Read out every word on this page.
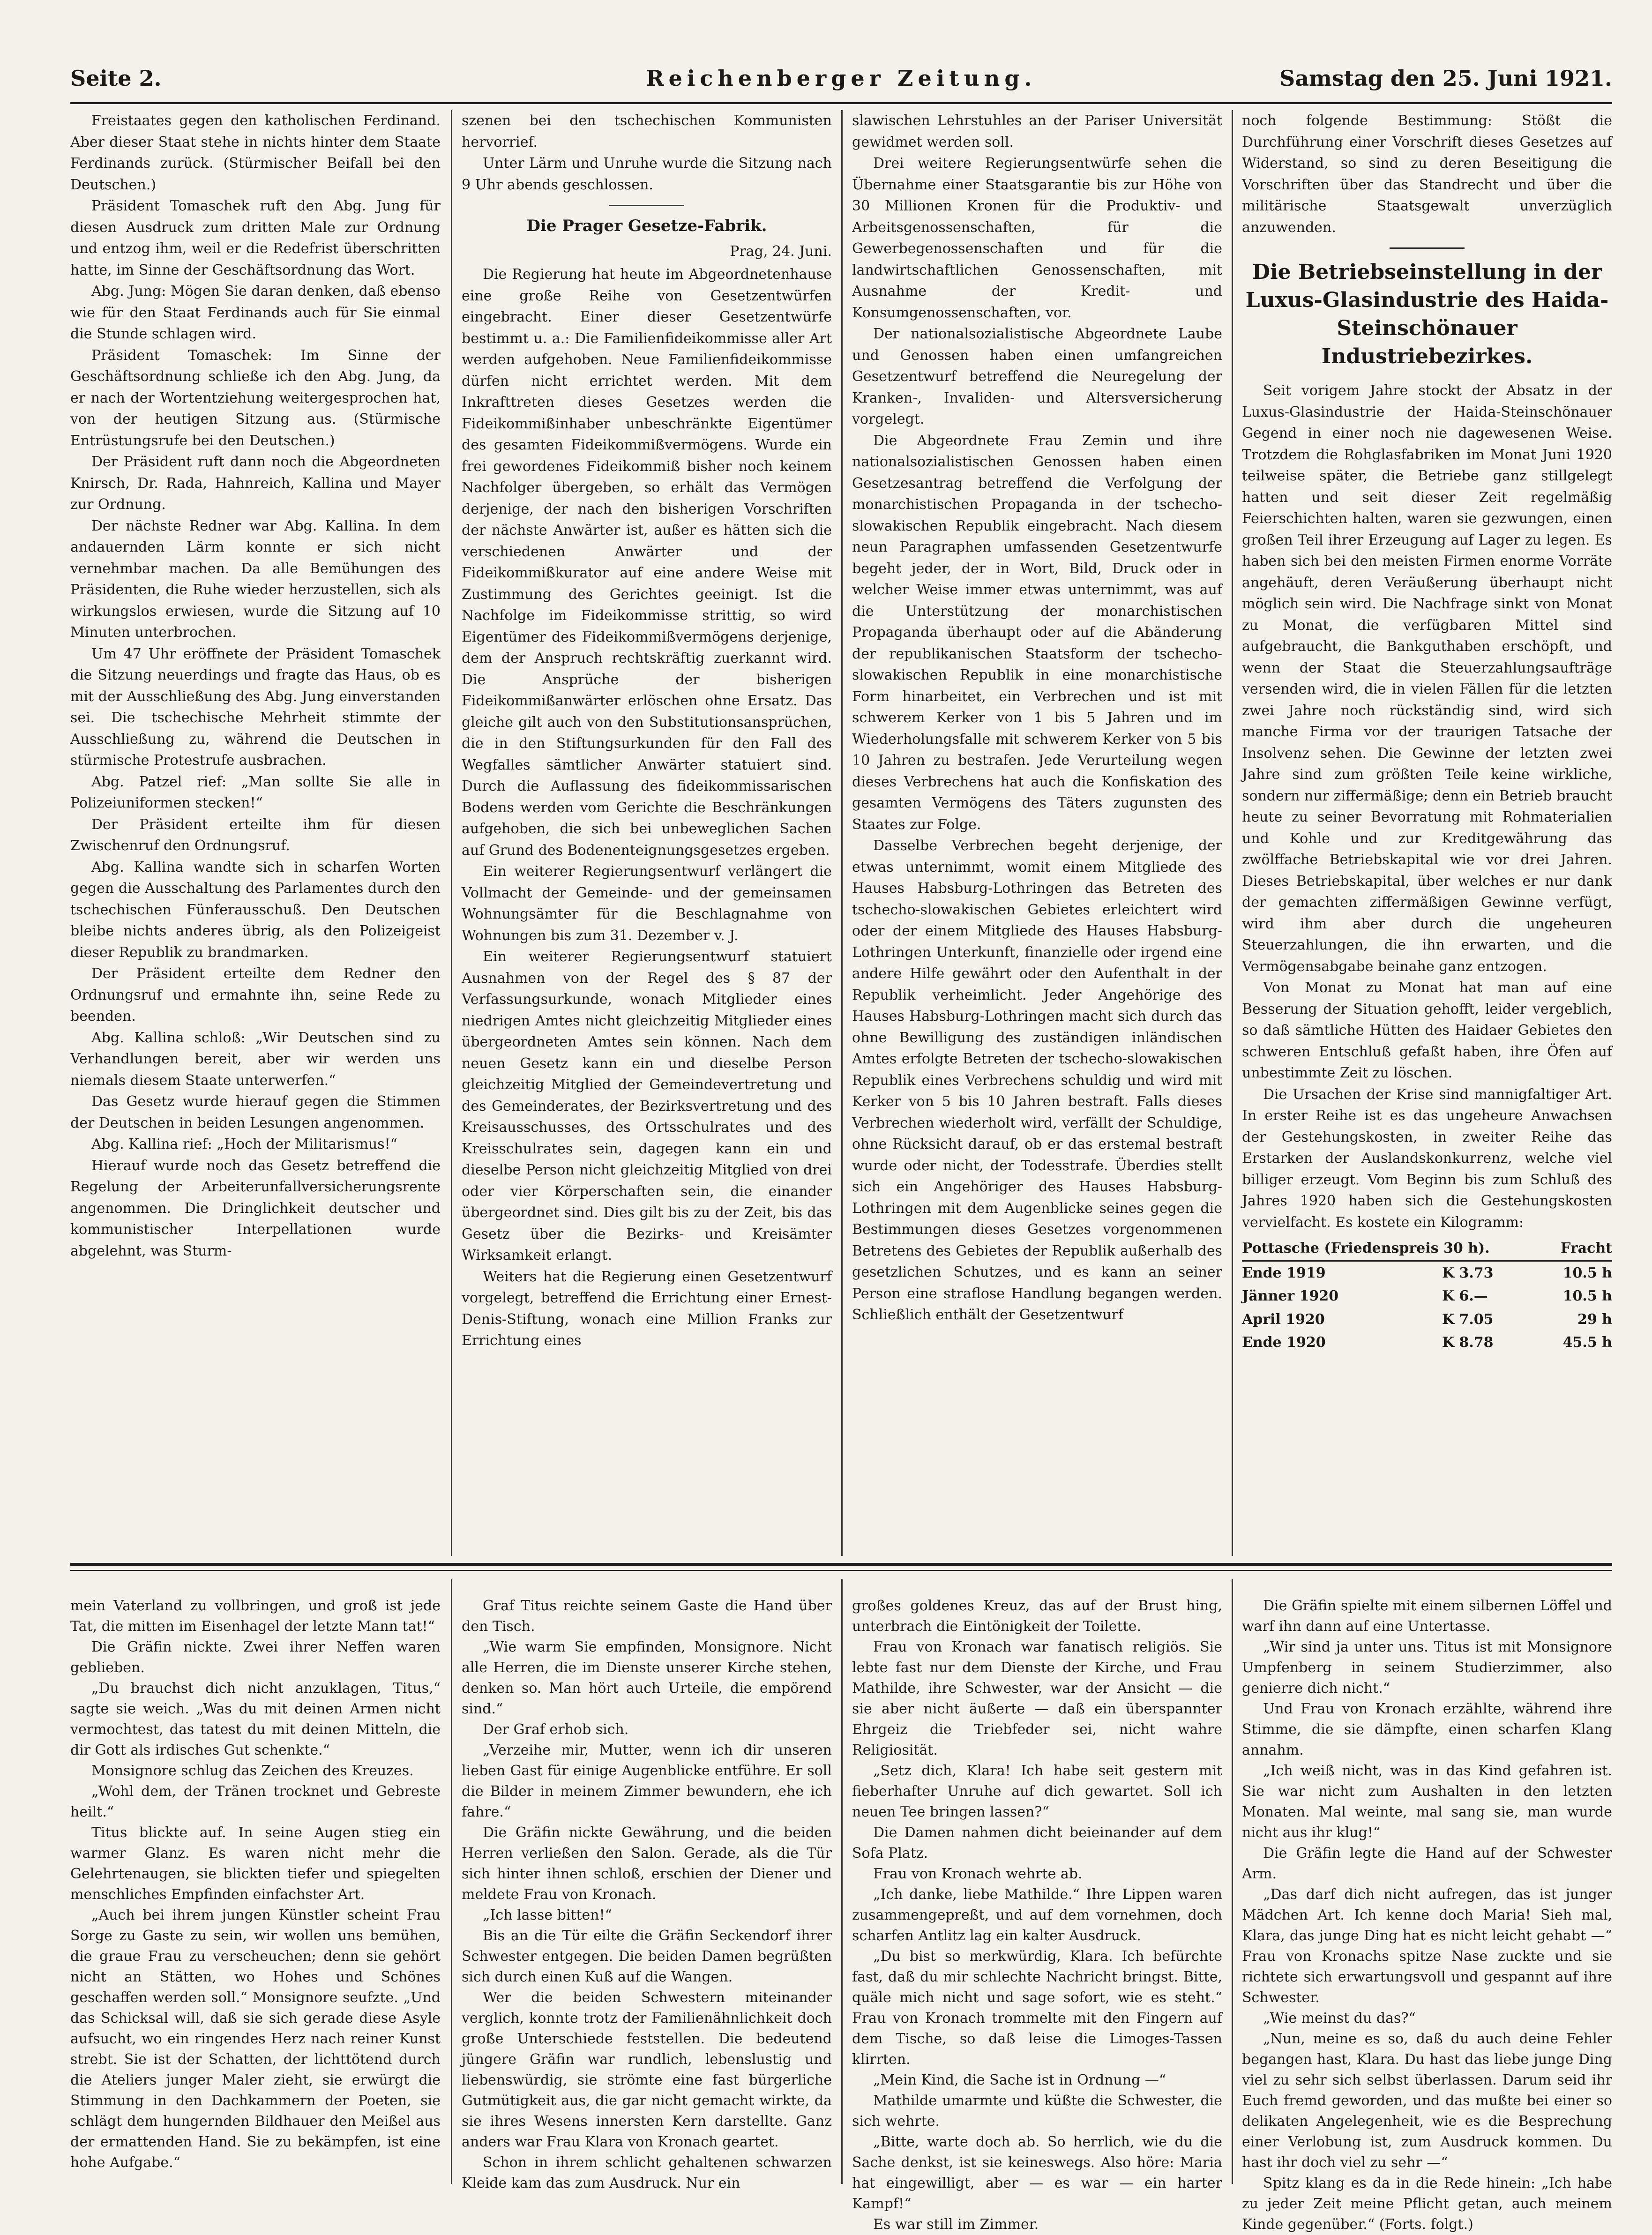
Seite 2.	Reichenberger Zeitung.	Samstag den 25. Juni 1921.

Freistaates gegen den katholischen Ferdinand. Aber dieser Staat stehe in nichts hinter dem Staate Ferdinands zurück. (Stürmischer Beifall bei den Deutschen.)

Präsident Tomaschek ruft den Abg. Jung für diesen Ausdruck zum dritten Male zur Ordnung und entzog ihm, weil er die Redefrist überschritten hatte, im Sinne der Geschäftsordnung das Wort.

Abg. Jung: Mögen Sie daran denken, daß ebenso wie für den Staat Ferdinands auch für Sie einmal die Stunde schlagen wird.

Präsident Tomaschek: Im Sinne der Geschäftsordnung schließe ich den Abg. Jung, da er nach der Wortentziehung weitergesprochen hat, von der heutigen Sitzung aus. (Stürmische Entrüstungsrufe bei den Deutschen.)

Der Präsident ruft dann noch die Abgeordneten Knirsch, Dr. Rada, Hahnreich, Kallina und Mayer zur Ordnung.

Der nächste Redner war Abg. Kallina. In dem andauernden Lärm konnte er sich nicht vernehmbar machen. Da alle Bemühungen des Präsidenten, die Ruhe wieder herzustellen, sich als wirkungslos erwiesen, wurde die Sitzung auf 10 Minuten unterbrochen.

Um 47 Uhr eröffnete der Präsident Tomaschek die Sitzung neuerdings und fragte das Haus, ob es mit der Ausschließung des Abg. Jung einverstanden sei. Die tschechische Mehrheit stimmte der Ausschließung zu, während die Deutschen in stürmische Protestrufe ausbrachen.

Abg. Patzel rief: „Man sollte Sie alle in Polizeiuniformen stecken!“

Der Präsident erteilte ihm für diesen Zwischenruf den Ordnungsruf.

Abg. Kallina wandte sich in scharfen Worten gegen die Ausschaltung des Parlamentes durch den tschechischen Fünferausschuß. Den Deutschen bleibe nichts anderes übrig, als den Polizeigeist dieser Republik zu brandmarken.

Der Präsident erteilte dem Redner den Ordnungsruf und ermahnte ihn, seine Rede zu beenden.

Abg. Kallina schloß: „Wir Deutschen sind zu Verhandlungen bereit, aber wir werden uns niemals diesem Staate unterwerfen.“

Das Gesetz wurde hierauf gegen die Stimmen der Deutschen in beiden Lesungen angenommen.

Abg. Kallina rief: „Hoch der Militarismus!“

Hierauf wurde noch das Gesetz betreffend die Regelung der Arbeiterunfallversicherungsrente angenommen. Die Dringlichkeit deutscher und kommunistischer Interpellationen wurde abgelehnt, was Sturm-

szenen bei den tschechischen Kommunisten hervorrief.

Unter Lärm und Unruhe wurde die Sitzung nach 9 Uhr abends geschlossen.

Die Prager Gesetze-Fabrik.
Prag, 24. Juni.

Die Regierung hat heute im Abgeordnetenhause eine große Reihe von Gesetzentwürfen eingebracht. Einer dieser Gesetzentwürfe bestimmt u. a.: Die Familienfideikommisse aller Art werden aufgehoben. Neue Familienfideikommisse dürfen nicht errichtet werden. Mit dem Inkrafttreten dieses Gesetzes werden die Fideikommißinhaber unbeschränkte Eigentümer des gesamten Fideikommißvermögens. Wurde ein frei gewordenes Fideikommiß bisher noch keinem Nachfolger übergeben, so erhält das Vermögen derjenige, der nach den bisherigen Vorschriften der nächste Anwärter ist, außer es hätten sich die verschiedenen Anwärter und der Fideikommißkurator auf eine andere Weise mit Zustimmung des Gerichtes geeinigt. Ist die Nachfolge im Fideikommisse strittig, so wird Eigentümer des Fideikommißvermögens derjenige, dem der Anspruch rechtskräftig zuerkannt wird. Die Ansprüche der bisherigen Fideikommißanwärter erlöschen ohne Ersatz. Das gleiche gilt auch von den Substitutionsansprüchen, die in den Stiftungsurkunden für den Fall des Wegfalles sämtlicher Anwärter statuiert sind. Durch die Auflassung des fideikommissarischen Bodens werden vom Gerichte die Beschränkungen aufgehoben, die sich bei unbeweglichen Sachen auf Grund des Bodenenteignungsgesetzes ergeben.

Ein weiterer Regierungsentwurf verlängert die Vollmacht der Gemeinde- und der gemeinsamen Wohnungsämter für die Beschlagnahme von Wohnungen bis zum 31. Dezember v. J.

Ein weiterer Regierungsentwurf statuiert Ausnahmen von der Regel des § 87 der Verfassungsurkunde, wonach Mitglieder eines niedrigen Amtes nicht gleichzeitig Mitglieder eines übergeordneten Amtes sein können. Nach dem neuen Gesetz kann ein und dieselbe Person gleichzeitig Mitglied der Gemeindevertretung und des Gemeinderates, der Bezirksvertretung und des Kreisausschusses, des Ortsschulrates und des Kreisschulrates sein, dagegen kann ein und dieselbe Person nicht gleichzeitig Mitglied von drei oder vier Körperschaften sein, die einander übergeordnet sind. Dies gilt bis zu der Zeit, bis das Gesetz über die Bezirks- und Kreisämter Wirksamkeit erlangt.

Weiters hat die Regierung einen Gesetzentwurf vorgelegt, betreffend die Errichtung einer Ernest-Denis-Stiftung, wonach eine Million Franks zur Errichtung eines

slawischen Lehrstuhles an der Pariser Universität gewidmet werden soll.

Drei weitere Regierungsentwürfe sehen die Übernahme einer Staatsgarantie bis zur Höhe von 30 Millionen Kronen für die Produktiv- und Arbeitsgenossenschaften, für die Gewerbegenossenschaften und für die landwirtschaftlichen Genossenschaften, mit Ausnahme der Kredit- und Konsumgenossenschaften, vor.

Der nationalsozialistische Abgeordnete Laube und Genossen haben einen umfangreichen Gesetzentwurf betreffend die Neuregelung der Kranken-, Invaliden- und Altersversicherung vorgelegt.

Die Abgeordnete Frau Zemin und ihre nationalsozialistischen Genossen haben einen Gesetzesantrag betreffend die Verfolgung der monarchistischen Propaganda in der tschecho-slowakischen Republik eingebracht. Nach diesem neun Paragraphen umfassenden Gesetzentwurfe begeht jeder, der in Wort, Bild, Druck oder in welcher Weise immer etwas unternimmt, was auf die Unterstützung der monarchistischen Propaganda überhaupt oder auf die Abänderung der republikanischen Staatsform der tschecho-slowakischen Republik in eine monarchistische Form hinarbeitet, ein Verbrechen und ist mit schwerem Kerker von 1 bis 5 Jahren und im Wiederholungsfalle mit schwerem Kerker von 5 bis 10 Jahren zu bestrafen. Jede Verurteilung wegen dieses Verbrechens hat auch die Konfiskation des gesamten Vermögens des Täters zugunsten des Staates zur Folge.

Dasselbe Verbrechen begeht derjenige, der etwas unternimmt, womit einem Mitgliede des Hauses Habsburg-Lothringen das Betreten des tschecho-slowakischen Gebietes erleichtert wird oder der einem Mitgliede des Hauses Habsburg-Lothringen Unterkunft, finanzielle oder irgend eine andere Hilfe gewährt oder den Aufenthalt in der Republik verheimlicht. Jeder Angehörige des Hauses Habsburg-Lothringen macht sich durch das ohne Bewilligung des zuständigen inländischen Amtes erfolgte Betreten der tschecho-slowakischen Republik eines Verbrechens schuldig und wird mit Kerker von 5 bis 10 Jahren bestraft. Falls dieses Verbrechen wiederholt wird, verfällt der Schuldige, ohne Rücksicht darauf, ob er das erstemal bestraft wurde oder nicht, der Todesstrafe. Überdies stellt sich ein Angehöriger des Hauses Habsburg-Lothringen mit dem Augenblicke seines gegen die Bestimmungen dieses Gesetzes vorgenommenen Betretens des Gebietes der Republik außerhalb des gesetzlichen Schutzes, und es kann an seiner Person eine straflose Handlung begangen werden. Schließlich enthält der Gesetzentwurf

noch folgende Bestimmung: Stößt die Durchführung einer Vorschrift dieses Gesetzes auf Widerstand, so sind zu deren Beseitigung die Vorschriften über das Standrecht und über die militärische Staatsgewalt unverzüglich anzuwenden.

Die Betriebseinstellung in der Luxus-Glasindustrie des Haida-Steinschönauer Industriebezirkes.

Seit vorigem Jahre stockt der Absatz in der Luxus-Glasindustrie der Haida-Steinschönauer Gegend in einer noch nie dagewesenen Weise. Trotzdem die Rohglasfabriken im Monat Juni 1920 teilweise später, die Betriebe ganz stillgelegt hatten und seit dieser Zeit regelmäßig Feierschichten halten, waren sie gezwungen, einen großen Teil ihrer Erzeugung auf Lager zu legen. Es haben sich bei den meisten Firmen enorme Vorräte angehäuft, deren Veräußerung überhaupt nicht möglich sein wird. Die Nachfrage sinkt von Monat zu Monat, die verfügbaren Mittel sind aufgebraucht, die Bankguthaben erschöpft, und wenn der Staat die Steuerzahlungsaufträge versenden wird, die in vielen Fällen für die letzten zwei Jahre noch rückständig sind, wird sich manche Firma vor der traurigen Tatsache der Insolvenz sehen. Die Gewinne der letzten zwei Jahre sind zum größten Teile keine wirkliche, sondern nur ziffermäßige; denn ein Betrieb braucht heute zu seiner Bevorratung mit Rohmaterialien und Kohle und zur Kreditgewährung das zwölffache Betriebskapital wie vor drei Jahren. Dieses Betriebskapital, über welches er nur dank der gemachten ziffermäßigen Gewinne verfügt, wird ihm aber durch die ungeheuren Steuerzahlungen, die ihn erwarten, und die Vermögensabgabe beinahe ganz entzogen.

Von Monat zu Monat hat man auf eine Besserung der Situation gehofft, leider vergeblich, so daß sämtliche Hütten des Haidaer Gebietes den schweren Entschluß gefaßt haben, ihre Öfen auf unbestimmte Zeit zu löschen.

Die Ursachen der Krise sind mannigfaltiger Art. In erster Reihe ist es das ungeheure Anwachsen der Gestehungskosten, in zweiter Reihe das Erstarken der Auslandskonkurrenz, welche viel billiger erzeugt. Vom Beginn bis zum Schluß des Jahres 1920 haben sich die Gestehungskosten vervielfacht. Es kostete ein Kilogramm:

Pottasche (Friedenspreis 30 h).		Fracht
Ende 1919	K 3.73	10.5 h
Jänner 1920	K 6.—	10.5 h
April 1920	K 7.05	29 h
Ende 1920	K 8.78	45.5 h

mein Vaterland zu vollbringen, und groß ist jede Tat, die mitten im Eisenhagel der letzte Mann tat!“

Die Gräfin nickte. Zwei ihrer Neffen waren geblieben.

„Du brauchst dich nicht anzuklagen, Titus,“ sagte sie weich. „Was du mit deinen Armen nicht vermochtest, das tatest du mit deinen Mitteln, die dir Gott als irdisches Gut schenkte.“

Monsignore schlug das Zeichen des Kreuzes.

„Wohl dem, der Tränen trocknet und Gebreste heilt.“

Titus blickte auf. In seine Augen stieg ein warmer Glanz. Es waren nicht mehr die Gelehrtenaugen, sie blickten tiefer und spiegelten menschliches Empfinden einfachster Art.

„Auch bei ihrem jungen Künstler scheint Frau Sorge zu Gaste zu sein, wir wollen uns bemühen, die graue Frau zu verscheuchen; denn sie gehört nicht an Stätten, wo Hohes und Schönes geschaffen werden soll.“ Monsignore seufzte. „Und das Schicksal will, daß sie sich gerade diese Asyle aufsucht, wo ein ringendes Herz nach reiner Kunst strebt. Sie ist der Schatten, der lichttötend durch die Ateliers junger Maler zieht, sie erwürgt die Stimmung in den Dachkammern der Poeten, sie schlägt dem hungernden Bildhauer den Meißel aus der ermattenden Hand. Sie zu bekämpfen, ist eine hohe Aufgabe.“

Graf Titus reichte seinem Gaste die Hand über den Tisch.

„Wie warm Sie empfinden, Monsignore. Nicht alle Herren, die im Dienste unserer Kirche stehen, denken so. Man hört auch Urteile, die empörend sind.“

Der Graf erhob sich.

„Verzeihe mir, Mutter, wenn ich dir unseren lieben Gast für einige Augenblicke entführe. Er soll die Bilder in meinem Zimmer bewundern, ehe ich fahre.“

Die Gräfin nickte Gewährung, und die beiden Herren verließen den Salon. Gerade, als die Tür sich hinter ihnen schloß, erschien der Diener und meldete Frau von Kronach.

„Ich lasse bitten!“

Bis an die Tür eilte die Gräfin Seckendorf ihrer Schwester entgegen. Die beiden Damen begrüßten sich durch einen Kuß auf die Wangen.

Wer die beiden Schwestern miteinander verglich, konnte trotz der Familienähnlichkeit doch große Unterschiede feststellen. Die bedeutend jüngere Gräfin war rundlich, lebenslustig und liebenswürdig, sie strömte eine fast bürgerliche Gutmütigkeit aus, die gar nicht gemacht wirkte, da sie ihres Wesens innersten Kern darstellte. Ganz anders war Frau Klara von Kronach geartet.

Schon in ihrem schlicht gehaltenen schwarzen Kleide kam das zum Ausdruck. Nur ein

großes goldenes Kreuz, das auf der Brust hing, unterbrach die Eintönigkeit der Toilette.

Frau von Kronach war fanatisch religiös. Sie lebte fast nur dem Dienste der Kirche, und Frau Mathilde, ihre Schwester, war der Ansicht — die sie aber nicht äußerte — daß ein überspannter Ehrgeiz die Triebfeder sei, nicht wahre Religiosität.

„Setz dich, Klara! Ich habe seit gestern mit fieberhafter Unruhe auf dich gewartet. Soll ich neuen Tee bringen lassen?“

Die Damen nahmen dicht beieinander auf dem Sofa Platz.

Frau von Kronach wehrte ab.

„Ich danke, liebe Mathilde.“ Ihre Lippen waren zusammengepreßt, und auf dem vornehmen, doch scharfen Antlitz lag ein kalter Ausdruck.

„Du bist so merkwürdig, Klara. Ich befürchte fast, daß du mir schlechte Nachricht bringst. Bitte, quäle mich nicht und sage sofort, wie es steht.“ Frau von Kronach trommelte mit den Fingern auf dem Tische, so daß leise die Limoges-Tassen klirrten.

„Mein Kind, die Sache ist in Ordnung —“

Mathilde umarmte und küßte die Schwester, die sich wehrte.

„Bitte, warte doch ab. So herrlich, wie du die Sache denkst, ist sie keineswegs. Also höre: Maria hat eingewilligt, aber — es war — ein harter Kampf!“

Es war still im Zimmer.

Die Gräfin spielte mit einem silbernen Löffel und warf ihn dann auf eine Untertasse.

„Wir sind ja unter uns. Titus ist mit Monsignore Umpfenberg in seinem Studierzimmer, also genierre dich nicht.“

Und Frau von Kronach erzählte, während ihre Stimme, die sie dämpfte, einen scharfen Klang annahm.

„Ich weiß nicht, was in das Kind gefahren ist. Sie war nicht zum Aushalten in den letzten Monaten. Mal weinte, mal sang sie, man wurde nicht aus ihr klug!“

Die Gräfin legte die Hand auf der Schwester Arm.

„Das darf dich nicht aufregen, das ist junger Mädchen Art. Ich kenne doch Maria! Sieh mal, Klara, das junge Ding hat es nicht leicht gehabt —“ Frau von Kronachs spitze Nase zuckte und sie richtete sich erwartungsvoll und gespannt auf ihre Schwester.

„Wie meinst du das?“

„Nun, meine es so, daß du auch deine Fehler begangen hast, Klara. Du hast das liebe junge Ding viel zu sehr sich selbst überlassen. Darum seid ihr Euch fremd geworden, und das mußte bei einer so delikaten Angelegenheit, wie es die Besprechung einer Verlobung ist, zum Ausdruck kommen. Du hast ihr doch viel zu sehr —“

Spitz klang es da in die Rede hinein: „Ich habe zu jeder Zeit meine Pflicht getan, auch meinem Kinde gegenüber.“ (Forts. folgt.)
